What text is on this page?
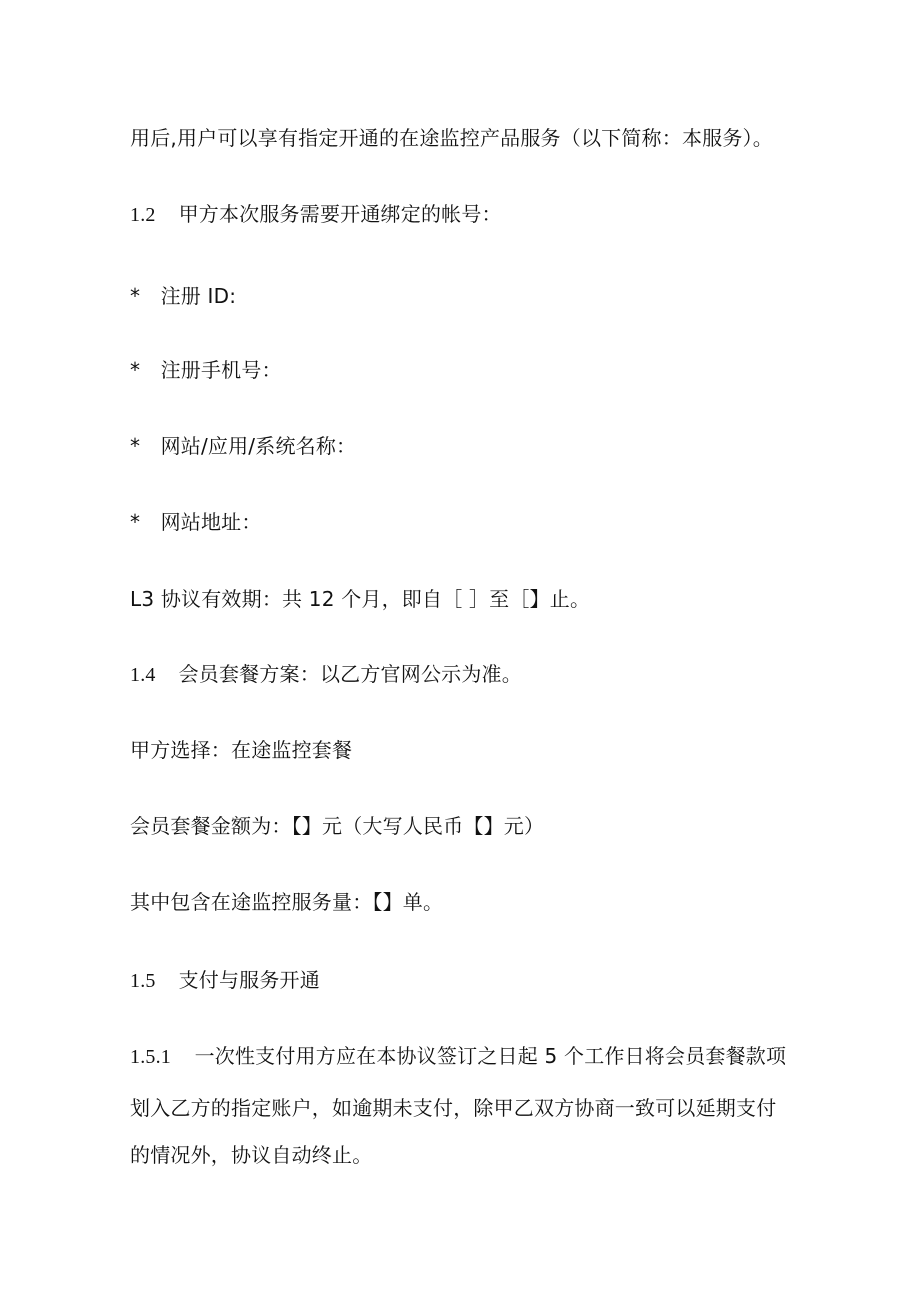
用后,用户可以享有指定开通的在途监控产品服务（以下简称：本服务）。
1.2 甲方本次服务需要开通绑定的帐号：
* 注册 ID:
* 注册手机号：
* 网站/应用/系统名称：
* 网站地址：
L3 协议有效期：共 12 个月，即自［ ］至［】止。
1.4 会员套餐方案：以乙方官网公示为准。
甲方选择：在途监控套餐
会员套餐金额为：【】元（大写人民币【】元）
其中包含在途监控服务量：【】单。
1.5 支付与服务开通
1.5.1 一次性支付用方应在本协议签订之日起 5 个工作日将会员套餐款项
划入乙方的指定账户，如逾期未支付，除甲乙双方协商一致可以延期支付
的情况外，协议自动终止。
